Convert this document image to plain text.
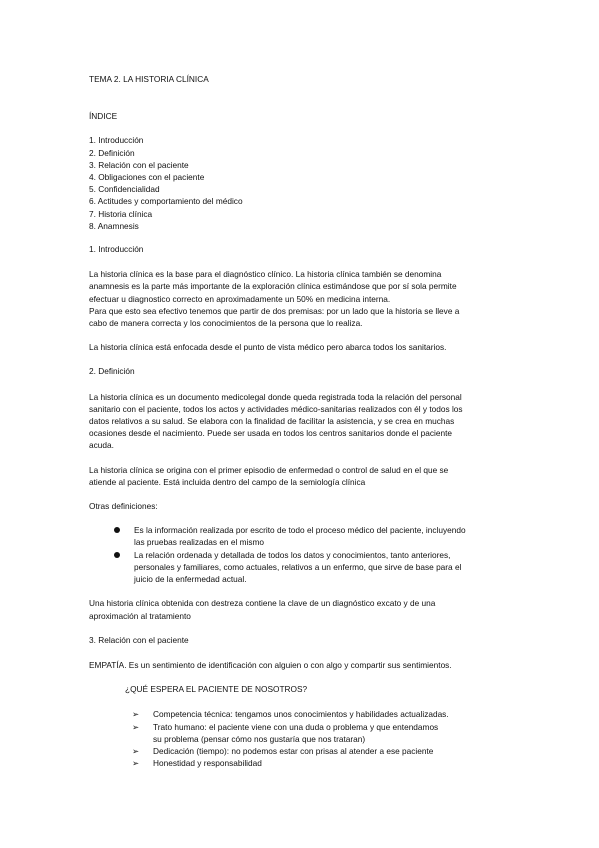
TEMA 2. LA HISTORIA CLÍNICA

ÍNDICE

1. Introducción
2. Definición
3. Relación con el paciente
4. Obligaciones con el paciente
5. Confidencialidad
6. Actitudes y comportamiento del médico
7. Historia clínica
8. Anamnesis

1. Introducción

La historia clínica es la base para el diagnóstico clínico. La historia clínica también se denomina
anamnesis es la parte más importante de la exploración clínica estimándose que por sí sola permite
efectuar u diagnostico correcto en aproximadamente un 50% en medicina interna.
Para que esto sea efectivo tenemos que partir de dos premisas: por un lado que la historia se lleve a
cabo de manera correcta y los conocimientos de la persona que lo realiza.

La historia clínica está enfocada desde el punto de vista médico pero abarca todos los sanitarios.

2. Definición

La historia clínica es un documento medicolegal donde queda registrada toda la relación del personal
sanitario con el paciente, todos los actos y actividades médico-sanitarias realizados con él y todos los
datos relativos a su salud. Se elabora con la finalidad de facilitar la asistencia, y se crea en muchas
ocasiones desde el nacimiento. Puede ser usada en todos los centros sanitarios donde el paciente
acuda.
La historia clínica se origina con el primer episodio de enfermedad o control de salud en el que se
atiende al paciente. Está incluida dentro del campo de la semiología clínica

Otras definiciones:

Es la información realizada por escrito de todo el proceso médico del paciente, incluyendo
las pruebas realizadas en el mismo
La relación ordenada y detallada de todos los datos y conocimientos, tanto anteriores,
personales y familiares, como actuales, relativos a un enfermo, que sirve de base para el
juicio de la enfermedad actual.
Una historia clínica obtenida con destreza contiene la clave de un diagnóstico excato y de una
aproximación al tratamiento

3. Relación con el paciente

EMPATÍA. Es un sentimiento de identificación con alguien o con algo y compartir sus sentimientos.

¿QUÉ ESPERA EL PACIENTE DE NOSOTROS?

➢ Competencia técnica: tengamos unos conocimientos y habilidades actualizadas.
➢ Trato humano: el paciente viene con una duda o problema y que entendamos
su problema (pensar cómo nos gustaría que nos trataran)
➢ Dedicación (tiempo): no podemos estar con prisas al atender a ese paciente
➢ Honestidad y responsabilidad
